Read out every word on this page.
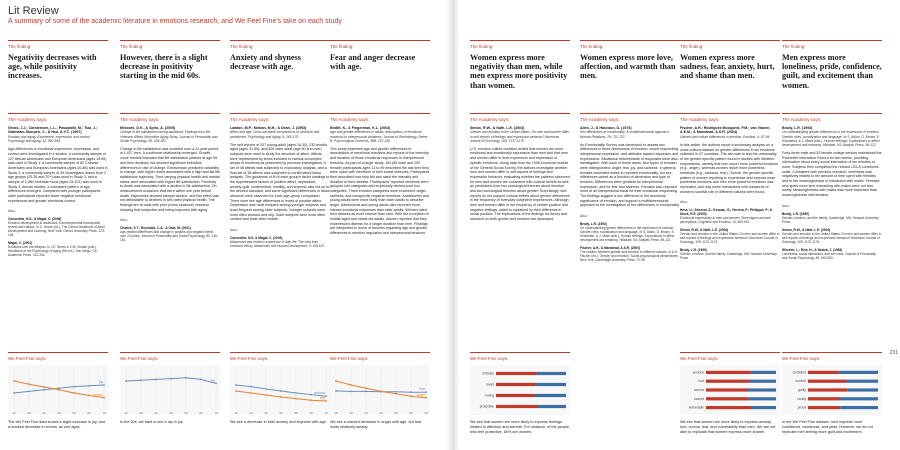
Lit Review
A summary of some of the academic literature in emotions research, and We Feel Fine's take on each study
231
The finding:
Negativity decreases with age, while positivity increases.
The Academy says:
Gross, J.J.; Carstensen, L.L.; Pasupathi, M.; Tsai, J.; Gøtestam Skorpen, C.; & Hsu, A.Y.C. (1997)
Emotion and aging: Experience, expression, and control. Psychology and Aging, 12: 590-599.
Age differences in emotional experience, expression, and control were investigated in 4 studies. A community sample of 127 African Americans and European Americans (ages 19-96) was used in Study 1; a community sample of 82 Chinese Americans and European Americans (ages 20-85) was used in Study 2; a community sample of 49 Norwegians drawn from 2 age groups (20-35 and 70+) was used in Study 3; and a sample of 1,080 American nuns (ages 24-101) was used in Study 4. Across studies, a consistent pattern of age differences emerged. Compared with younger participants, older participants reported fewer negative emotional experiences and greater emotional control.
Also:
Consedine, N.S., & Magai, C. (2006)
Emotion development in adulthood: A developmental functionalist review and critique. In C. Hoare (ed.), The Oxford Handbook of Adult Development and Learning. New York: Oxford University Press. 123-148.
Magai, C. (2001)
Emotions over the lifespan. In J.E. Birren & K.W. Schaie (eds.), Handbook of the Psychology of Aging (5th ed.). San Diego, CA: Academic Press. 310-344.
We Feel Fine says:
10	20	30	40	50	60	70
joy
sorrow
The We Feel Fine data shows a slight increase in joy, and a marked decrease in sorrow, as one ages.
The finding:
However, there is a slight decrease in positivity starting in the mid 60s.
The Academy says:
Mroczek, D.K., & Spiro, A. (2005)
Change in life satisfaction during adulthood: Findings from the Veterans Affairs Normative Aging Study. Journal of Personality and Social Psychology, 88: 189-202.
Change in life satisfaction was modeled over a 22-year period in 1,927 men. A curvilinear relationship emerged. Growth-curve models indicated that life satisfaction peaked at age 65 and then declined, but showed significant individual differences in rate of change. Extraversion predicted variability in change, with higher levels associated with a high and flat life satisfaction trajectory. Time-varying physical health and marital status were associated with higher life satisfaction. Proximity to death was associated with a decline in life satisfaction. On measurement occasions that were within one year before death, trajectories showed steeper decline, and this effect was not attributable to declines in self-rated physical health. The findings are at odds with prior (cross-sectional) research showing that subjective well-being improves with aging.
Also:
Charles, S.T.; Reynolds, C.A.; & Gatz, M. (2001)
Age-related differences and change in positive and negative affect over 23 years. Journal of Personality and Social Psychology, 80: 136-151.
We Feel Fine says:
10	20	30	40	50	60	70
joy
In the 60s, we start to see a dip in joy.
The finding:
Anxiety and shyness decrease with age.
The Academy says:
Lawton, M.P.; Kleban, M.H.; & Dean, J. (1993)
Affect and age: Cross-sectional comparisons of structure and prevalence. Psychology and Aging, 8: 165-175.
The self-reports of 207 young-adult (ages 18-30), 232 middle-aged (ages 31-59), and 828 older-adult (age 60 and over) subjects were used to study the structure of affect. Affects were represented by terms included in various circumplex arrays of emotions as presented by previous investigators. A set of 48 affects was subjected to exploratory analysis, and a final set of 38 affects was subjected to confirmatory factor analysis. The goodness of fit of each group's factor loadings to the hypothesized factors of positive affect, depression, anxiety-guilt, contentment, hostility, and shyness was not up to the desired standard, and some significant differences in factor structure were observed for each age-group comparison. There were few age differences in levels of positive affect. Depression was most frequent among younger subjects and least frequent among older subjects. Younger subjects were most often anxious and shy. Older subjects were most often content and least often hostile.
Also:
Consedine, N.S. & Magai, C. (2003)
Attachment and emotion experience in later life: The view from emotions theory. Attachment and Human Development, 5: 165-187.
We Feel Fine says:
10	20	30	40	50	60	70
anxious
shy
We see a decrease in both anxiety and shyness with age.
The finding:
Fear and anger decrease with age.
The Academy says:
Birditt, K., & Fingerman, K.L. (2003)
Age and gender differences in adults' descriptions of emotional reactions to interpersonal problems. Journal of Gerontology, Series B: Psychological Sciences, 58B: 237-245.
This study examines age and gender differences in descriptions of emotional reactions and reports of the intensity and duration of those emotional responses to interpersonal tensions. As part of a larger study, 184 (85 male and 100 female) participants aged 13 to 99 described the last time they were upset with members of their social networks. Participants then described how they felt and rated the intensity and duration of their distress. Participants' reported emotions were grouped into categories and empirically derived post hoc categories. Three emotion categories were examined: anger, sadness, and nonspecific negative emotions. Adolescents and young adults were more likely than older adults to describe anger. Adolescents and young adults also reported more intense emotional responses than older adults. Women rated their distress as more intense than men. With the exception of middle-aged and oldest-old adults, women reported that they experienced distress for a longer duration than men. Findings are interpreted in terms of theories regarding age and gender differences in emotion regulation and interpersonal tensions.
We Feel Fine says:
10	20	30	40	50	60	70
fear
anger
We see a marked decrease in anger with age, but fear holds relatively steady.
The finding:
Women express more negativity than men, while men express more positivity than women.
The Academy says:
Simon, R.W., & Nath, L.E. (2004)
Gender and emotion in the United States: Do men and women differ in self-reports of feelings and expressive behavior? American Journal of Sociology, 109: 1137-1176.
U.S. emotion culture contains beliefs that women are more emotional and emotionally expressive than men and that men and women differ in their experience and expression of specific emotions. Using data from the 1996 emotions module of the General Social Survey, the authors investigate whether men and women differ in self-reports of feelings and expressive behavior, evaluating whether the patterns observed for men and women are consistent with cultural beliefs as well as predictions from two sociological theories about emotion and two sociological theories about gender. Surprisingly, self-reports do not support cultural beliefs about gender differences in the frequency of everyday subjective experiences. Although men and women differ in the frequency of certain positive and negative feelings, which is explained by their difference in social position. The implications of the findings for theory and research on both gender and emotion are discussed.
We Feel Fine says:
intimate
loved
loving
protective
We see that women are more likely to express feelings related to affection and warmth. For instance, of the people who feel protective, 60% are women.
The finding:
Women express more love, affection, and warmth than men.
The Academy says:
Allen, J., & Haccoun, D. (1976)
Sex differences in emotionality: A multidimensional approach. Human Relations, 29: 711-722.
An Emotionality Survey was developed to assess sex differences in three dimensions of emotion: covert responding, interpersonal expression, and attitudes toward responses and expressions. Situational determinants of responses were also investigated. With each of these areas, four types of emotion were distinguished: anger, fear, joy, and sadness. In general, females exceeded males in reported emotionality, but sex differences varied as a function of dimension and type of emotion. Differences were greatest for interpersonal expression, and for fear and sadness. Females also reported more of an interpersonal basis for their emotional responding. The findings suggest a sex difference in the functional significance of emotion, and support a multidimensional approach to the investigation of sex differences in emotionality.
Also:
Brody, L.R. (1993)
On understanding gender differences in the expression of emotion: Gender roles, socialization and language. In S. Ablon, D. Brown, E. Khantzian, & J. Mack (eds.), Human feelings: Explorations in affect development and meaning. Hillsdale, NJ: Analytic Press. 89-121.
Fischer, A.H., & Manstead, A.S.R. (2000)
The relation between gender and emotion in different cultures. In A.H. Fischer (ed.), Gender and emotion: Social psychological perspectives. New York: Cambridge University Press. 71-98.
The finding:
Women express more sadness, fear, anxiety, hurt, and shame than men.
The Academy says:
Fischer, A.H.; Rodriguez Mosquera, P.M.; van Vianen, A.E.M.; & Manstead, A.S.R. (2004)
Gender and culture differences in emotion. Emotion, 4: 87-94.
In this article, the authors report a secondary analysis on a cross-cultural dataset on gender differences in six emotions collected in 37 countries. The aim was to test the universality of the gender-specific pattern found in studies with Western respondents, namely that men report more powerful emotions (e.g., anger), whereas women report more powerless emotions (e.g., sadness, fear). Overall, the gender-specific pattern of women reporting to experience and express more powerless emotions and men more powerful emotions was replicated, and only some interactions with measures of women's societal role in different cultures were found.
Also:
Hess, U.; Senecal, S.; Kirouac, G.; Herrera, P.; Philippot, P.; & Kleck, R.E. (2000)
Emotional expressivity in men and women: Stereotypes and self-perceptions. Cognition and Emotion, 14: 609-642.
Simon, R.W., & Nath, L.E. (2004)
Gender and emotion in the United States: Do men and women differ in self-reports of feelings and expressive behavior? American Journal of Sociology, 109: 1137-1176.
Brody, L.R. (1999)
Gender, emotion, and the family. Cambridge, MA: Harvard University Press.
We Feel Fine says:
anxious
hurt
sorrow
scared
vulnerable
We see that women are more likely to express anxiety, hurt, sorrow, fear, and vulnerability than men. We are not able to replicate that women express more shame.
The finding:
Men express more loneliness, pride, confidence, guilt, and excitement than women.
The Academy says:
Brody, L.R. (1993)
On understanding gender differences in the expression of emotion. Gender roles, socialization and language. In S. Ablon, D. Brown, E. Khantzian, & J. Mack (eds.), Human feelings: Explorations in affect development and meaning. Hillsdale, NJ: Analytic Press. 89-121.
Forty-three male and 53 female college seniors maintained the Rochester Interaction Record for two weeks, providing information about every social interaction of ten minutes or more. Subjects then completed the revised UCLA Loneliness scale. Consistent with previous research, loneliness was negatively related to the amount of time spent with females and to the meaningfulness of interaction with males. Females who spent more time interacting with males were not less lonely. Meaningfulness with males was more important than meaningfulness with females.
Also:
Brody, L.R. (1999)
Gender, emotion, and the family. Cambridge, MA: Harvard University Press.
Simon, R.W., & Nath, L.E. (2004)
Gender and emotion in the United States: Do men and women differ in self-reports of feelings and expressive behavior? American Journal of Sociology, 109: 1137-1176.
Wheeler, L.; Reis, H.; & Nezlek, J. (1983)
Loneliness, social interaction, and sex roles. Journal of Personality and Social Psychology, 45: 943-953.
We Feel Fine says:
confident
excited
guilty
lonely
proud
In the We Feel Fine dataset, men express more confidence, loneliness, and pride. However, we do not replicate men feeling more guilt and excitement.
